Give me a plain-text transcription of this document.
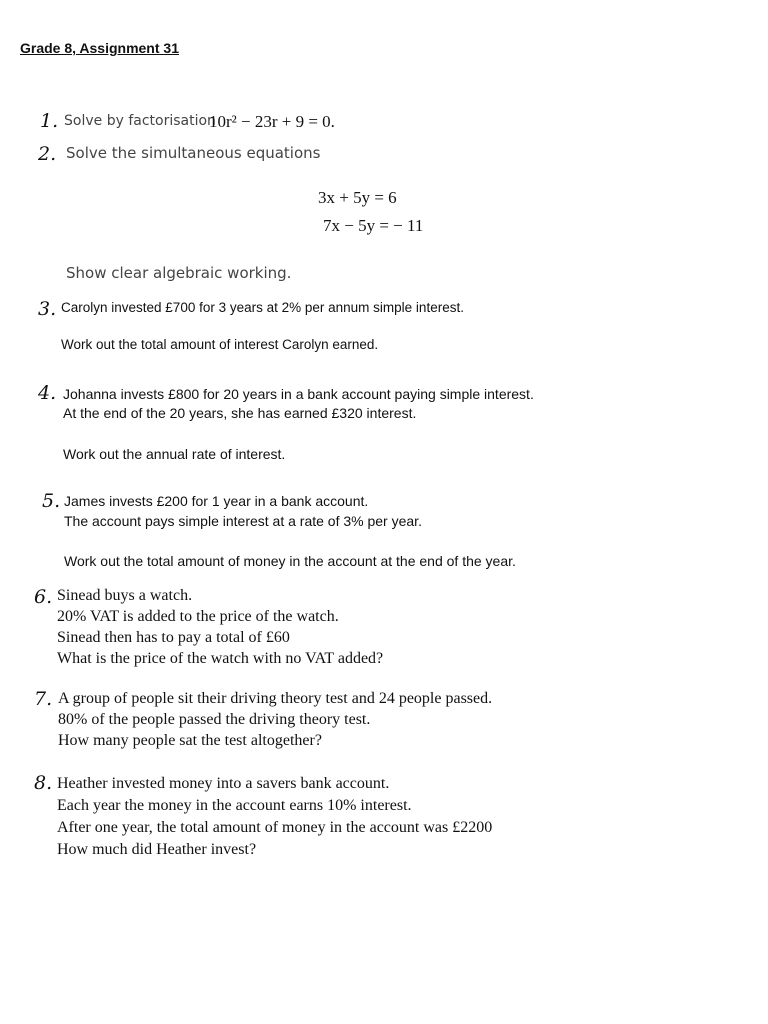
Grade 8, Assignment 31
1. Solve by factorisation
10r² − 23r + 9 = 0.
2. Solve the simultaneous equations
3x + 5y = 6
7x − 5y = − 11
Show clear algebraic working.
3. Carolyn invested £700 for 3 years at 2% per annum simple interest.
Work out the total amount of interest Carolyn earned.
4. Johanna invests £800 for 20 years in a bank account paying simple interest.
At the end of the 20 years, she has earned £320 interest.
Work out the annual rate of interest.
5. James invests £200 for 1 year in a bank account.
The account pays simple interest at a rate of 3% per year.
Work out the total amount of money in the account at the end of the year.
6. Sinead buys a watch.
20% VAT is added to the price of the watch.
Sinead then has to pay a total of £60
What is the price of the watch with no VAT added?
7. A group of people sit their driving theory test and 24 people passed.
80% of the people passed the driving theory test.
How many people sat the test altogether?
8. Heather invested money into a savers bank account.
Each year the money in the account earns 10% interest.
After one year, the total amount of money in the account was £2200
How much did Heather invest?
